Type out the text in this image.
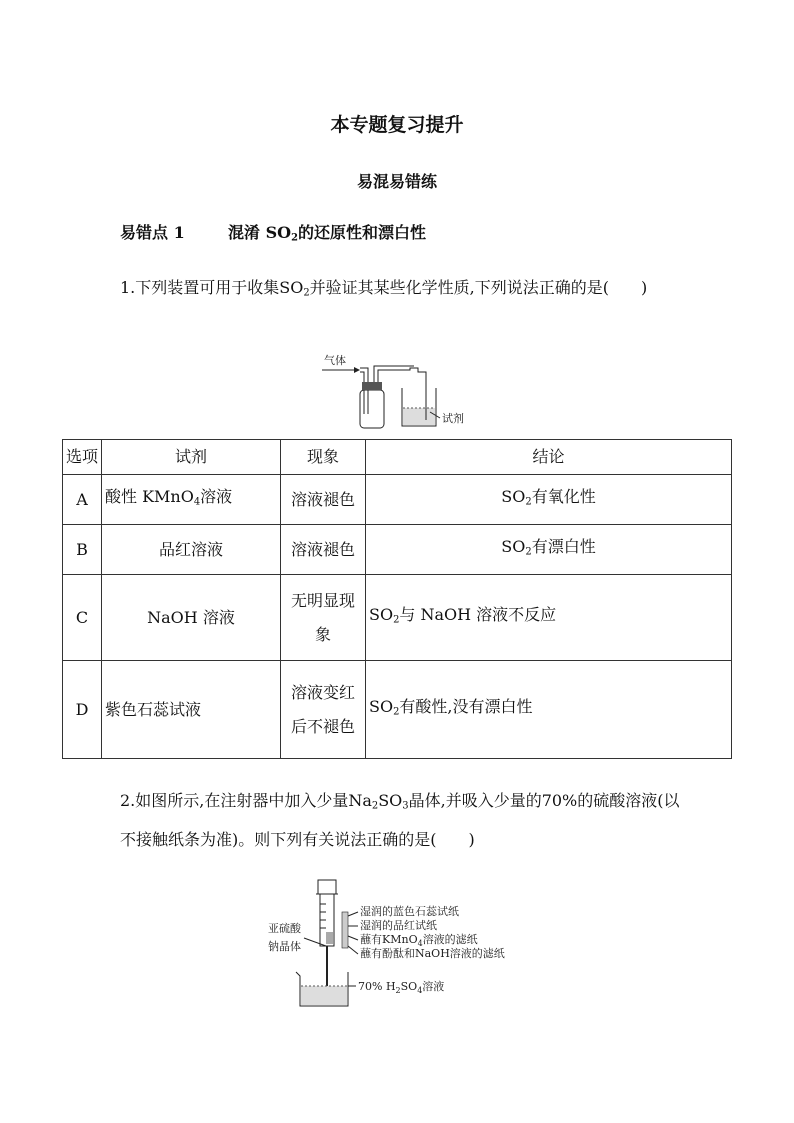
本专题复习提升
易混易错练
易错点 1	混淆 $SO_2$的还原性和漂白性
1.下列装置可用于收集$SO_2$并验证其某些化学性质,下列说法正确的是(　　)
气体
试剂
选项	试剂	现象	结论
A	酸性 KMnO$_4$溶液	溶液褪色	$SO_2$有氧化性
B	品红溶液	溶液褪色	$SO_2$有漂白性
C	NaOH 溶液	无明显现象	$SO_2$与 NaOH 溶液不反应
D	紫色石蕊试液	溶液变红后不褪色	$SO_2$有酸性,没有漂白性
2.如图所示,在注射器中加入少量$Na_2SO_3$晶体,并吸入少量的70%的硫酸溶液(以不接触纸条为准)。则下列有关说法正确的是(　　)
亚硫酸
钠晶体
湿润的蓝色石蕊试纸
湿润的品红试纸
蘸有KMnO$_4$溶液的滤纸
蘸有酚酞和NaOH溶液的滤纸
70% $H_2SO_4$溶液
